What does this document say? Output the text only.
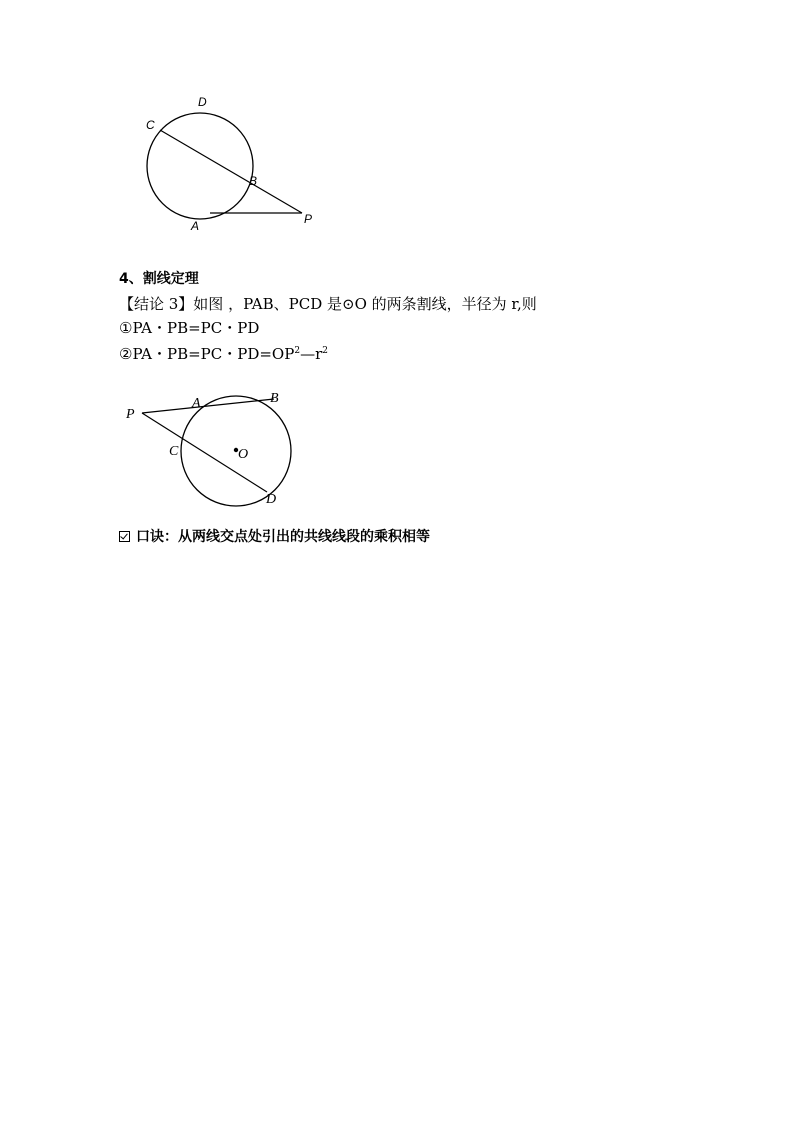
C
D
B
A	P
4、割线定理
【结论 3】如图 ，PAB、PCD 是⊙O 的两条割线，半径为 r,则
①PA・PB=PC・PD
②PA・PB=PC・$PD=OP^2—r^2$
P
A	B
C	O
D
口诀：从两线交点处引出的共线线段的乘积相等
